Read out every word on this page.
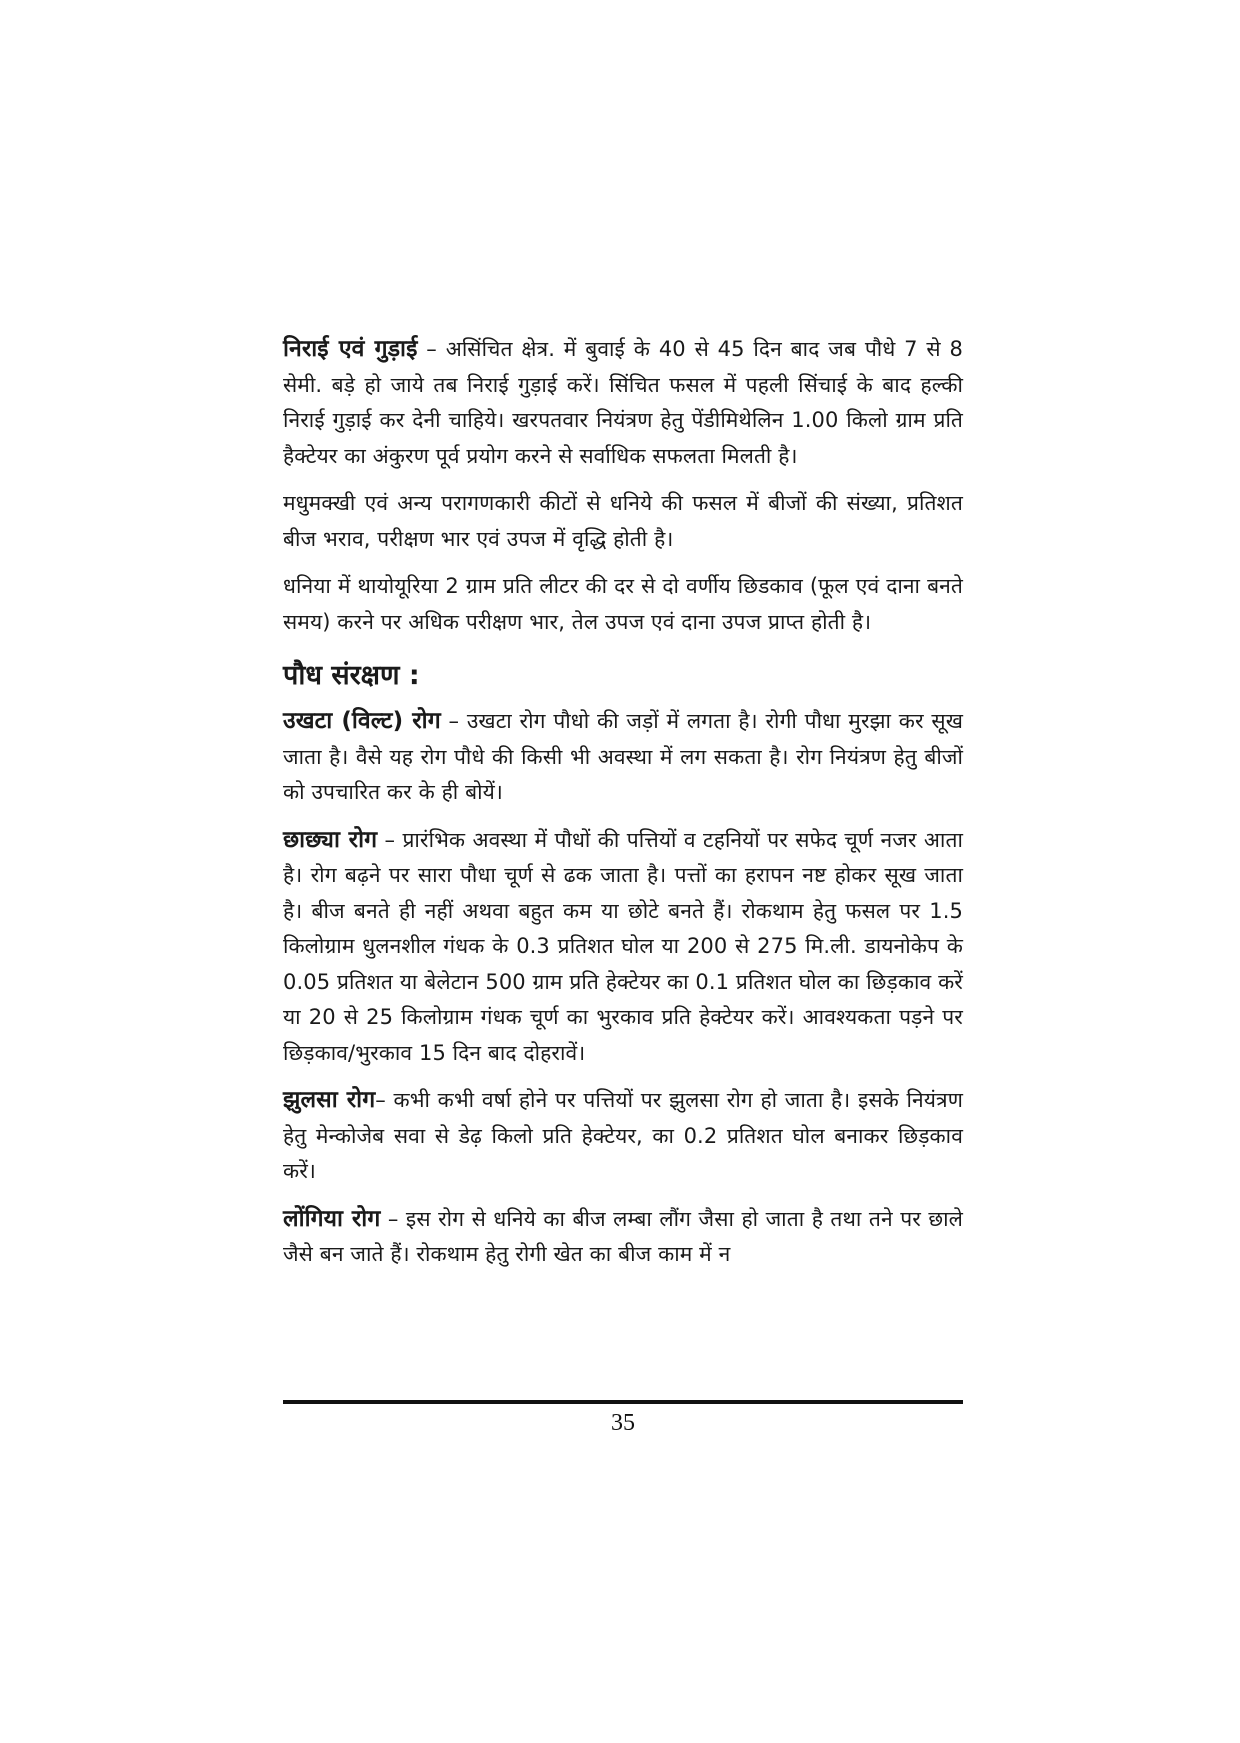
निराई एवं गुड़ाई – असिंचित क्षेत्र. में बुवाई के 40 से 45 दिन बाद जब पौधे 7 से 8 सेमी. बड़े हो जाये तब निराई गुड़ाई करें। सिंचित फसल में पहली सिंचाई के बाद हल्की निराई गुड़ाई कर देनी चाहिये। खरपतवार नियंत्रण हेतु पेंडीमिथेलिन 1.00 किलो ग्राम प्रति हैक्टेयर का अंकुरण पूर्व प्रयोग करने से सर्वाधिक सफलता मिलती है।

मधुमक्खी एवं अन्य परागणकारी कीटों से धनिये की फसल में बीजों की संख्या, प्रतिशत बीज भराव, परीक्षण भार एवं उपज में वृद्धि होती है।

धनिया में थायोयूरिया 2 ग्राम प्रति लीटर की दर से दो वर्णीय छिडकाव (फूल एवं दाना बनते समय) करने पर अधिक परीक्षण भार, तेल उपज एवं दाना उपज प्राप्त होती है।

पौध संरक्षण :

उखटा (विल्ट) रोग – उखटा रोग पौधो की जड़ों में लगता है। रोगी पौधा मुरझा कर सूख जाता है। वैसे यह रोग पौधे की किसी भी अवस्था में लग सकता है। रोग नियंत्रण हेतु बीजों को उपचारित कर के ही बोयें।

छाछ्या रोग – प्रारंभिक अवस्था में पौधों की पत्तियों व टहनियों पर सफेद चूर्ण नजर आता है। रोग बढ़ने पर सारा पौधा चूर्ण से ढक जाता है। पत्तों का हरापन नष्ट होकर सूख जाता है। बीज बनते ही नहीं अथवा बहुत कम या छोटे बनते हैं। रोकथाम हेतु फसल पर 1.5 किलोग्राम धुलनशील गंधक के 0.3 प्रतिशत घोल या 200 से 275 मि.ली. डायनोकेप के 0.05 प्रतिशत या बेलेटान 500 ग्राम प्रति हेक्टेयर का 0.1 प्रतिशत घोल का छिड़काव करें या 20 से 25 किलोग्राम गंधक चूर्ण का भुरकाव प्रति हेक्टेयर करें। आवश्यकता पड़ने पर छिड़काव/भुरकाव 15 दिन बाद दोहरावें।

झुलसा रोग– कभी कभी वर्षा होने पर पत्तियों पर झुलसा रोग हो जाता है। इसके नियंत्रण हेतु मेन्कोजेब सवा से डेढ़ किलो प्रति हेक्टेयर, का 0.2 प्रतिशत घोल बनाकर छिड़काव करें।

लोंगिया रोग – इस रोग से धनिये का बीज लम्बा लौंग जैसा हो जाता है तथा तने पर छाले जैसे बन जाते हैं। रोकथाम हेतु रोगी खेत का बीज काम में न

35
